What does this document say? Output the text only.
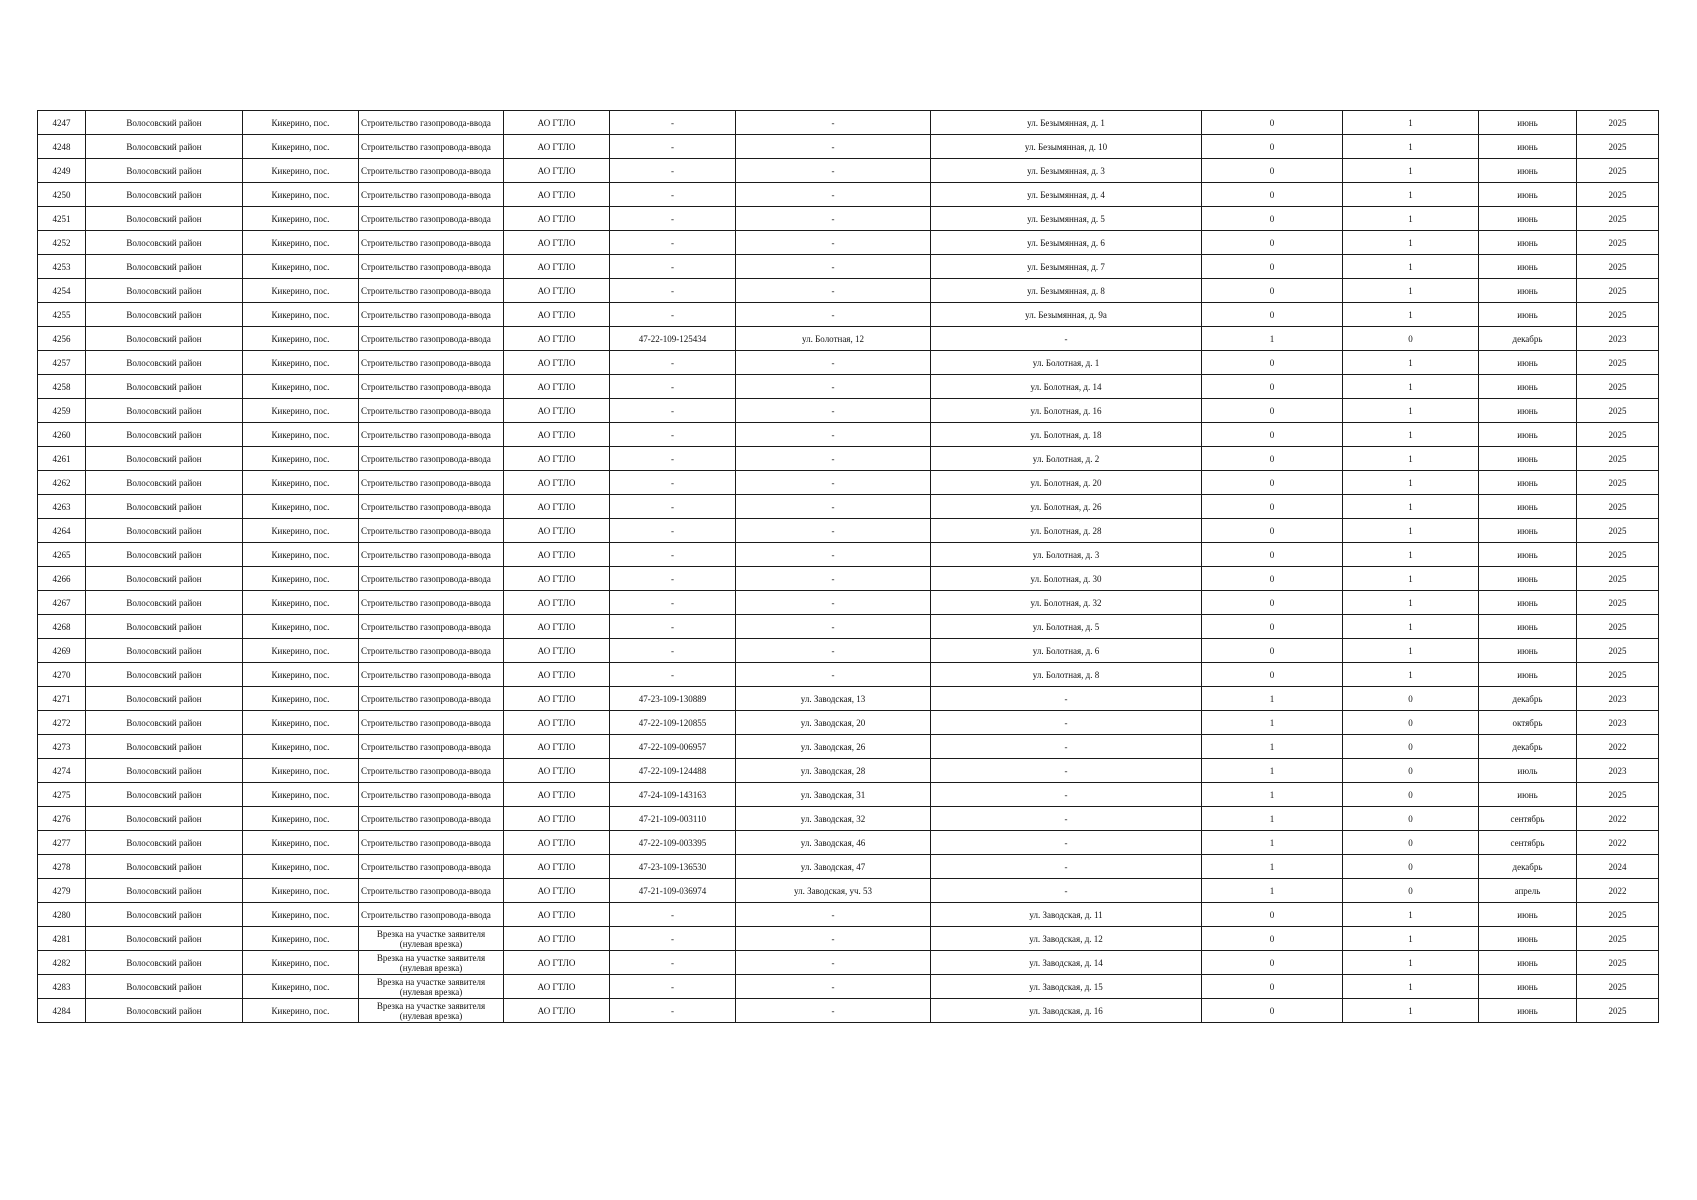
4247	Волосовский район	Кикерино, пос.	Строительство газопровода-ввода	АО ГТЛО	-	-	ул. Безымянная, д. 1	0	1	июнь	2025
4248	Волосовский район	Кикерино, пос.	Строительство газопровода-ввода	АО ГТЛО	-	-	ул. Безымянная, д. 10	0	1	июнь	2025
4249	Волосовский район	Кикерино, пос.	Строительство газопровода-ввода	АО ГТЛО	-	-	ул. Безымянная, д. 3	0	1	июнь	2025
4250	Волосовский район	Кикерино, пос.	Строительство газопровода-ввода	АО ГТЛО	-	-	ул. Безымянная, д. 4	0	1	июнь	2025
4251	Волосовский район	Кикерино, пос.	Строительство газопровода-ввода	АО ГТЛО	-	-	ул. Безымянная, д. 5	0	1	июнь	2025
4252	Волосовский район	Кикерино, пос.	Строительство газопровода-ввода	АО ГТЛО	-	-	ул. Безымянная, д. 6	0	1	июнь	2025
4253	Волосовский район	Кикерино, пос.	Строительство газопровода-ввода	АО ГТЛО	-	-	ул. Безымянная, д. 7	0	1	июнь	2025
4254	Волосовский район	Кикерино, пос.	Строительство газопровода-ввода	АО ГТЛО	-	-	ул. Безымянная, д. 8	0	1	июнь	2025
4255	Волосовский район	Кикерино, пос.	Строительство газопровода-ввода	АО ГТЛО	-	-	ул. Безымянная, д. 9а	0	1	июнь	2025
4256	Волосовский район	Кикерино, пос.	Строительство газопровода-ввода	АО ГТЛО	47-22-109-125434	ул. Болотная, 12	-	1	0	декабрь	2023
4257	Волосовский район	Кикерино, пос.	Строительство газопровода-ввода	АО ГТЛО	-	-	ул. Болотная, д. 1	0	1	июнь	2025
4258	Волосовский район	Кикерино, пос.	Строительство газопровода-ввода	АО ГТЛО	-	-	ул. Болотная, д. 14	0	1	июнь	2025
4259	Волосовский район	Кикерино, пос.	Строительство газопровода-ввода	АО ГТЛО	-	-	ул. Болотная, д. 16	0	1	июнь	2025
4260	Волосовский район	Кикерино, пос.	Строительство газопровода-ввода	АО ГТЛО	-	-	ул. Болотная, д. 18	0	1	июнь	2025
4261	Волосовский район	Кикерино, пос.	Строительство газопровода-ввода	АО ГТЛО	-	-	ул. Болотная, д. 2	0	1	июнь	2025
4262	Волосовский район	Кикерино, пос.	Строительство газопровода-ввода	АО ГТЛО	-	-	ул. Болотная, д. 20	0	1	июнь	2025
4263	Волосовский район	Кикерино, пос.	Строительство газопровода-ввода	АО ГТЛО	-	-	ул. Болотная, д. 26	0	1	июнь	2025
4264	Волосовский район	Кикерино, пос.	Строительство газопровода-ввода	АО ГТЛО	-	-	ул. Болотная, д. 28	0	1	июнь	2025
4265	Волосовский район	Кикерино, пос.	Строительство газопровода-ввода	АО ГТЛО	-	-	ул. Болотная, д. 3	0	1	июнь	2025
4266	Волосовский район	Кикерино, пос.	Строительство газопровода-ввода	АО ГТЛО	-	-	ул. Болотная, д. 30	0	1	июнь	2025
4267	Волосовский район	Кикерино, пос.	Строительство газопровода-ввода	АО ГТЛО	-	-	ул. Болотная, д. 32	0	1	июнь	2025
4268	Волосовский район	Кикерино, пос.	Строительство газопровода-ввода	АО ГТЛО	-	-	ул. Болотная, д. 5	0	1	июнь	2025
4269	Волосовский район	Кикерино, пос.	Строительство газопровода-ввода	АО ГТЛО	-	-	ул. Болотная, д. 6	0	1	июнь	2025
4270	Волосовский район	Кикерино, пос.	Строительство газопровода-ввода	АО ГТЛО	-	-	ул. Болотная, д. 8	0	1	июнь	2025
4271	Волосовский район	Кикерино, пос.	Строительство газопровода-ввода	АО ГТЛО	47-23-109-130889	ул. Заводская, 13	-	1	0	декабрь	2023
4272	Волосовский район	Кикерино, пос.	Строительство газопровода-ввода	АО ГТЛО	47-22-109-120855	ул. Заводская, 20	-	1	0	октябрь	2023
4273	Волосовский район	Кикерино, пос.	Строительство газопровода-ввода	АО ГТЛО	47-22-109-006957	ул. Заводская, 26	-	1	0	декабрь	2022
4274	Волосовский район	Кикерино, пос.	Строительство газопровода-ввода	АО ГТЛО	47-22-109-124488	ул. Заводская, 28	-	1	0	июль	2023
4275	Волосовский район	Кикерино, пос.	Строительство газопровода-ввода	АО ГТЛО	47-24-109-143163	ул. Заводская, 31	-	1	0	июнь	2025
4276	Волосовский район	Кикерино, пос.	Строительство газопровода-ввода	АО ГТЛО	47-21-109-003110	ул. Заводская, 32	-	1	0	сентябрь	2022
4277	Волосовский район	Кикерино, пос.	Строительство газопровода-ввода	АО ГТЛО	47-22-109-003395	ул. Заводская, 46	-	1	0	сентябрь	2022
4278	Волосовский район	Кикерино, пос.	Строительство газопровода-ввода	АО ГТЛО	47-23-109-136530	ул. Заводская, 47	-	1	0	декабрь	2024
4279	Волосовский район	Кикерино, пос.	Строительство газопровода-ввода	АО ГТЛО	47-21-109-036974	ул. Заводская, уч. 53	-	1	0	апрель	2022
4280	Волосовский район	Кикерино, пос.	Строительство газопровода-ввода	АО ГТЛО	-	-	ул. Заводская, д. 11	0	1	июнь	2025
4281	Волосовский район	Кикерино, пос.	Врезка на участке заявителя (нулевая врезка)	АО ГТЛО	-	-	ул. Заводская, д. 12	0	1	июнь	2025
4282	Волосовский район	Кикерино, пос.	Врезка на участке заявителя (нулевая врезка)	АО ГТЛО	-	-	ул. Заводская, д. 14	0	1	июнь	2025
4283	Волосовский район	Кикерино, пос.	Врезка на участке заявителя (нулевая врезка)	АО ГТЛО	-	-	ул. Заводская, д. 15	0	1	июнь	2025
4284	Волосовский район	Кикерино, пос.	Врезка на участке заявителя (нулевая врезка)	АО ГТЛО	-	-	ул. Заводская, д. 16	0	1	июнь	2025
